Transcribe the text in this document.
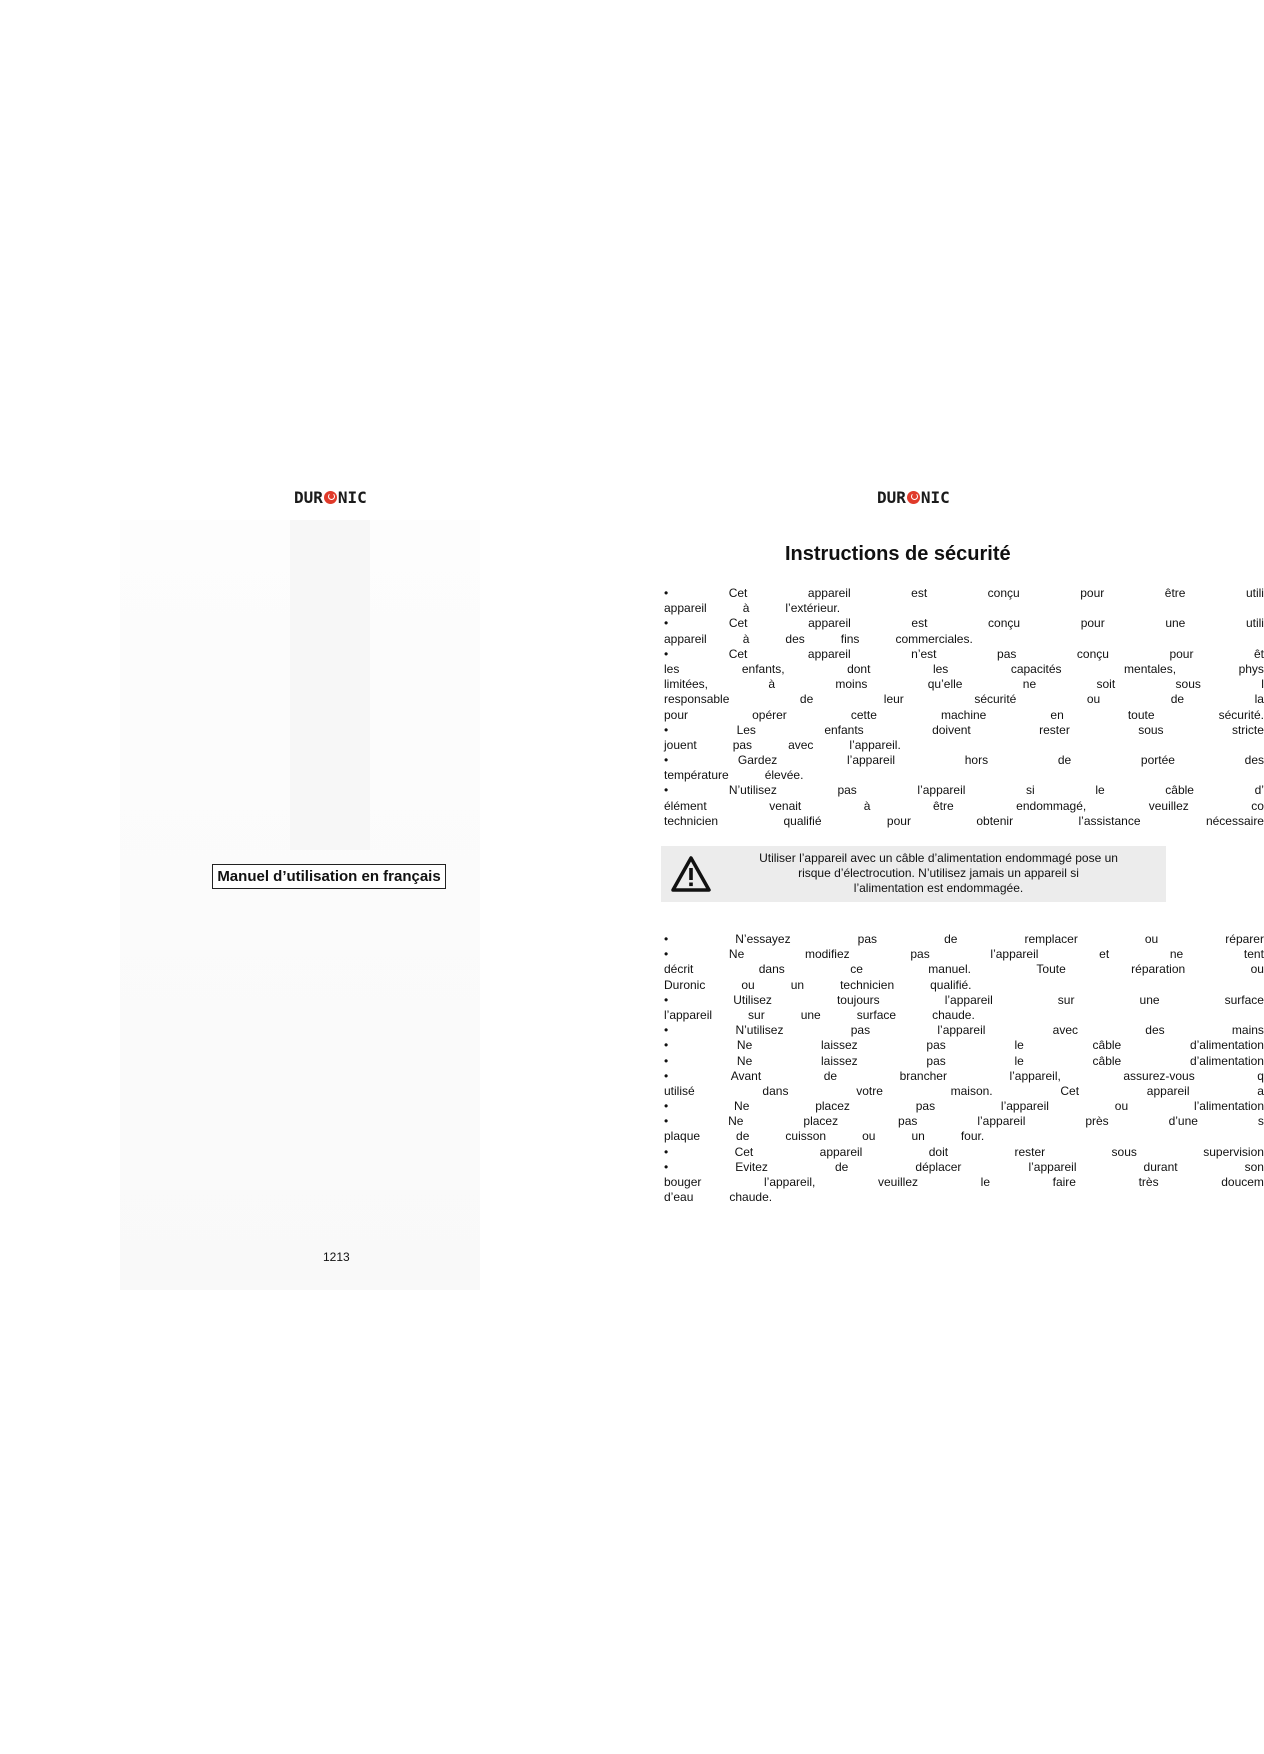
DUR NIC
Manuel d’utilisation en français
1213
DUR NIC
Instructions de sécurité
•	Cet	appareil	est	conçu	pour	être	utili
appareil	à	l’extérieur.
•	Cet	appareil	est	conçu	pour	une	utili
appareil	à	des	fins	commerciales.
•	Cet	appareil	n’est	pas	conçu	pour	êt
les	enfants,	dont	les	capacités	mentales,	phys
limitées,	à	moins	qu’elle	ne	soit	sous	l
responsable	de	leur	sécurité	ou	de	la
pour	opérer	cette	machine	en	toute	sécurité.
•	Les	enfants	doivent	rester	sous	stricte
jouent	pas	avec	l’appareil.
•	Gardez	l’appareil	hors	de	portée	des
température	élevée.
•	N’utilisez	pas	l’appareil	si	le	câble	d’
élément	venait	à	être	endommagé,	veuillez	co
technicien	qualifié	pour	obtenir	l’assistance	nécessaire
Utiliser l’appareil avec un câble d’alimentation endommagé pose un
risque d’électrocution. N’utilisez jamais un appareil si
l’alimentation est endommagée.
•	N’essayez	pas	de	remplacer	ou	réparer
•	Ne	modifiez	pas	l’appareil	et	ne	tent
décrit	dans	ce	manuel.	Toute	réparation	ou
Duronic	ou	un	technicien	qualifié.
•	Utilisez	toujours	l’appareil	sur	une	surface
l’appareil	sur	une	surface	chaude.
•	N’utilisez	pas	l’appareil	avec	des	mains
•	Ne	laissez	pas	le	câble	d’alimentation
•	Ne	laissez	pas	le	câble	d’alimentation
•	Avant	de	brancher	l’appareil,	assurez-vous	q
utilisé	dans	votre	maison.	Cet	appareil	a
•	Ne	placez	pas	l’appareil	ou	l’alimentation
•	Ne	placez	pas	l’appareil	près	d’une	s
plaque	de	cuisson	ou	un	four.
•	Cet	appareil	doit	rester	sous	supervision
•	Evitez	de	déplacer	l’appareil	durant	son
bouger	l’appareil,	veuillez	le	faire	très	doucem
d’eau	chaude.
